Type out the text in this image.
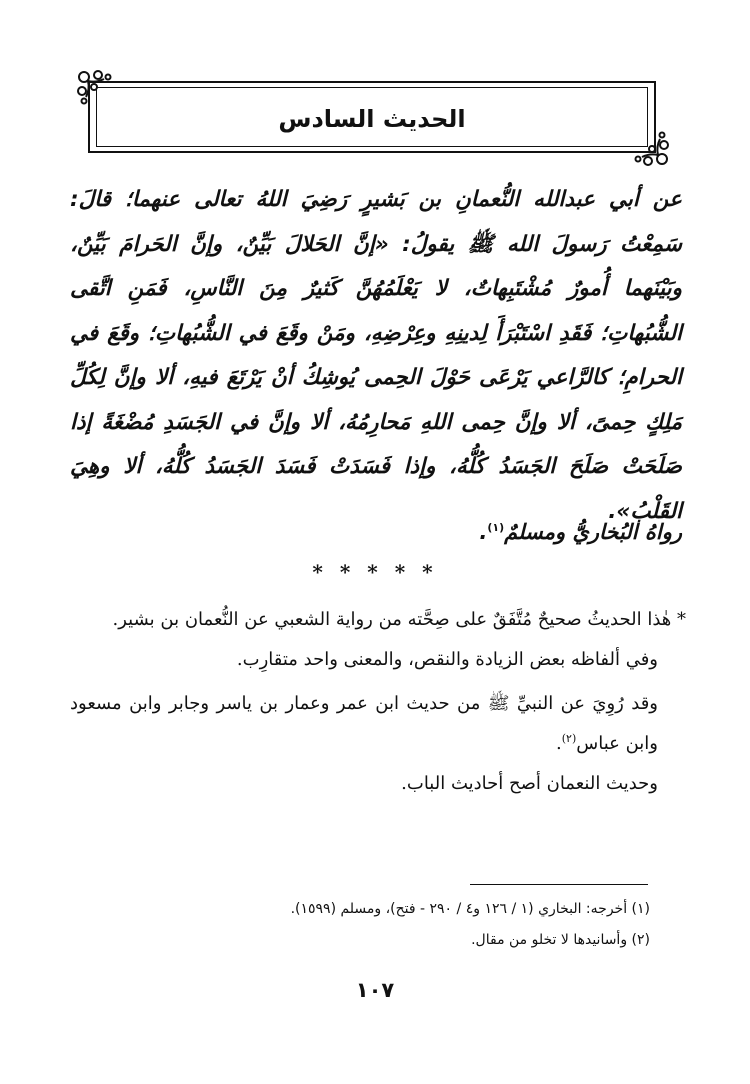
الحديث السادس
عن أبي عبدالله النُّعمانِ بن بَشيرٍ رَضِيَ اللهُ تعالى عنهما؛ قالَ: سَمِعْتُ رَسولَ الله ﷺ يقولُ: «إنَّ الحَلالَ بَيِّنٌ، وإنَّ الحَرامَ بَيِّنٌ، وبَيْنَهما أُمورٌ مُشْتَبِهاتٌ، لا يَعْلَمُهُنَّ كَثيرٌ مِنَ النَّاسِ، فَمَنِ اتَّقى الشُّبُهاتِ؛ فَقَدِ اسْتَبْرَأَ لِدينِهِ وعِرْضِهِ، ومَنْ وقَعَ في الشُّبُهاتِ؛ وقَعَ في الحرامِ؛ كالرَّاعي يَرْعَى حَوْلَ الحِمى يُوشِكُ أنْ يَرْتَعَ فيهِ، ألا وإنَّ لِكُلِّ مَلِكٍ حِمىً، ألا وإنَّ حِمى اللهِ مَحارِمُهُ، ألا وإنَّ في الجَسَدِ مُضْغَةً إذا صَلَحَتْ صَلَحَ الجَسَدُ كُلُّهُ، وإذا فَسَدَتْ فَسَدَ الجَسَدُ كُلُّهُ، ألا وهِيَ القَلْبُ».
رواهُ البُخاريُّ ومسلمٌ$^{(١)}$.
* * * * *

* هٰذا الحديثُ صحيحٌ مُتَّفَقٌ على صِحَّته من رواية الشعبي عن النُّعمان بن بشير.

وفي ألفاظه بعض الزيادة والنقص، والمعنى واحد متقارِب.

وقد رُوِيَ عن النبيِّ ﷺ من حديث ابن عمر وعمار بن ياسر وجابر وابن مسعود وابن عباس$^{(٢)}$.

وحديث النعمان أصح أحاديث الباب.

(١) أخرجه: البخاري (١ / ١٢٦ و٤ / ٢٩٠ - فتح)، ومسلم (١٥٩٩).

(٢) وأسانيدها لا تخلو من مقال.

١٠٧
